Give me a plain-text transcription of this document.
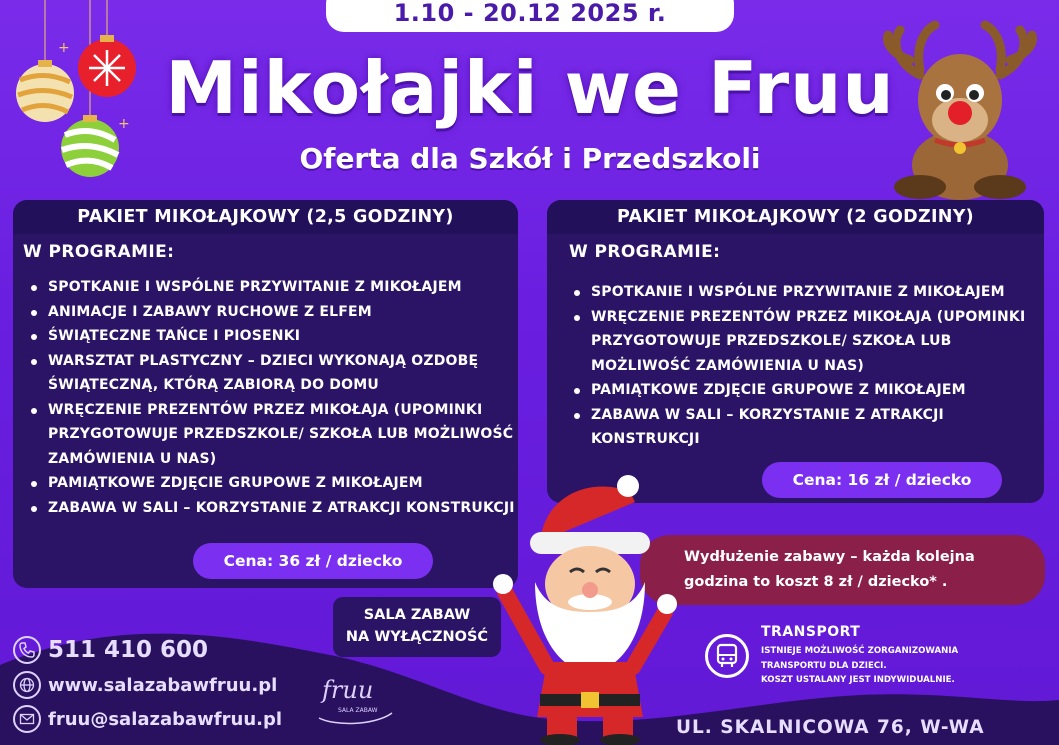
+
+
1.10 - 20.12 2025 r.
Mikołajki we Fruu
Oferta dla Szkół i Przedszkoli
PAKIET MIKOŁAJKOWY (2,5 GODZINY)
W PROGRAMIE:
SPOTKANIE I WSPÓLNE PRZYWITANIE Z MIKOŁAJEM
ANIMACJE I ZABAWY RUCHOWE Z ELFEM
ŚWIĄTECZNE TAŃCE I PIOSENKI
WARSZTAT PLASTYCZNY – DZIECI WYKONAJĄ OZDOBĘ ŚWIĄTECZNĄ, KTÓRĄ ZABIORĄ DO DOMU
WRĘCZENIE PREZENTÓW PRZEZ MIKOŁAJA (UPOMINKI PRZYGOTOWUJE PRZEDSZKOLE/ SZKOŁA LUB MOŻLIWOŚĆ ZAMÓWIENIA U NAS)
PAMIĄTKOWE ZDJĘCIE GRUPOWE Z MIKOŁAJEM
ZABAWA W SALI – KORZYSTANIE Z ATRAKCJI KONSTRUKCJI
Cena: 36 zł / dziecko
PAKIET MIKOŁAJKOWY (2 GODZINY)
W PROGRAMIE:
SPOTKANIE I WSPÓLNE PRZYWITANIE Z MIKOŁAJEM
WRĘCZENIE PREZENTÓW PRZEZ MIKOŁAJA (UPOMINKI PRZYGOTOWUJE PRZEDSZKOLE/ SZKOŁA LUB MOŻLIWOŚĆ ZAMÓWIENIA U NAS)
PAMIĄTKOWE ZDJĘCIE GRUPOWE Z MIKOŁAJEM
ZABAWA W SALI – KORZYSTANIE Z ATRAKCJI KONSTRUKCJI
Cena: 16 zł / dziecko
Wydłużenie zabawy – każda kolejna
godzina to koszt 8 zł / dziecko* .
SALA ZABAW
NA WYŁĄCZNOŚĆ
511 410 600
www.salazabawfruu.pl
fruu@salazabawfruu.pl
fruu
SALA ZABAW
TRANSPORT
ISTNIEJE MOŻLIWOŚĆ ZORGANIZOWANIA
TRANSPORTU DLA DZIECI.
KOSZT USTALANY JEST INDYWIDUALNIE.
UL. SKALNICOWA 76, W-WA
